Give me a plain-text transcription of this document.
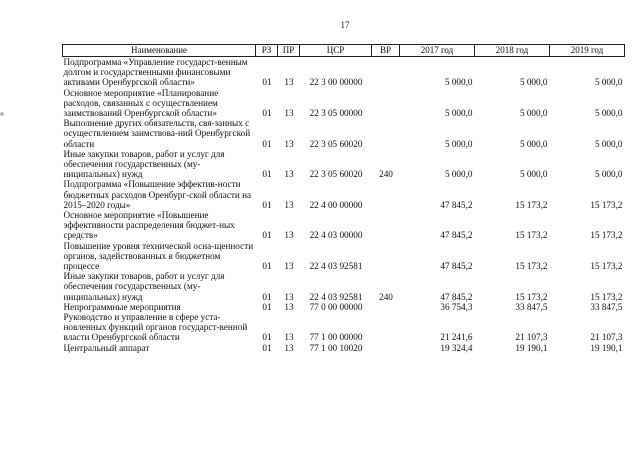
17
Наименование	РЗ	ПР	ЦСР	ВР	2017 год	2018 год	2019 год
Подпрограмма «Управление государст-венным долгом и государственными финансовыми активами Оренбургской области»	01	13	22 3 00 00000		5 000,0	5 000,0	5 000,0
Основное мероприятие «Планирование расходов, связанных с осуществлением заимствований Оренбургской области»	01	13	22 3 05 00000		5 000,0	5 000,0	5 000,0
Выполнение других обязательств, свя-занных с осуществлением заимствова-ний Оренбургской области	01	13	22 3 05 60020		5 000,0	5 000,0	5 000,0
Иные закупки товаров, работ и услуг для обеспечения государственных (му-ниципальных) нужд	01	13	22 3 05 60020	240	5 000,0	5 000,0	5 000,0
Подпрограмма «Повышение эффектив-ности бюджетных расходов Оренбург-ской области на 2015–2020 годы»	01	13	22 4 00 00000		47 845,2	15 173,2	15 173,2
Основное мероприятие «Повышение эффективности распределения бюджет-ных средств»	01	13	22 4 03 00000		47 845,2	15 173,2	15 173,2
Повышение уровня технической осна-щенности органов, задействованных в бюджетном процессе	01	13	22 4 03 92581		47 845,2	15 173,2	15 173,2
Иные закупки товаров, работ и услуг для обеспечения государственных (му-ниципальных) нужд	01	13	22 4 03 92581	240	47 845,2	15 173,2	15 173,2
Непрограммные мероприятия	01	13	77 0 00 00000		36 754,3	33 847,5	33 847,5
Руководство и управление в сфере уста-новленных функций органов государст-венной власти Оренбургской области	01	13	77 1 00 00000		21 241,6	21 107,3	21 107,3
Центральный аппарат	01	13	77 1 00 10020		19 324,4	19 190,1	19 190,1
